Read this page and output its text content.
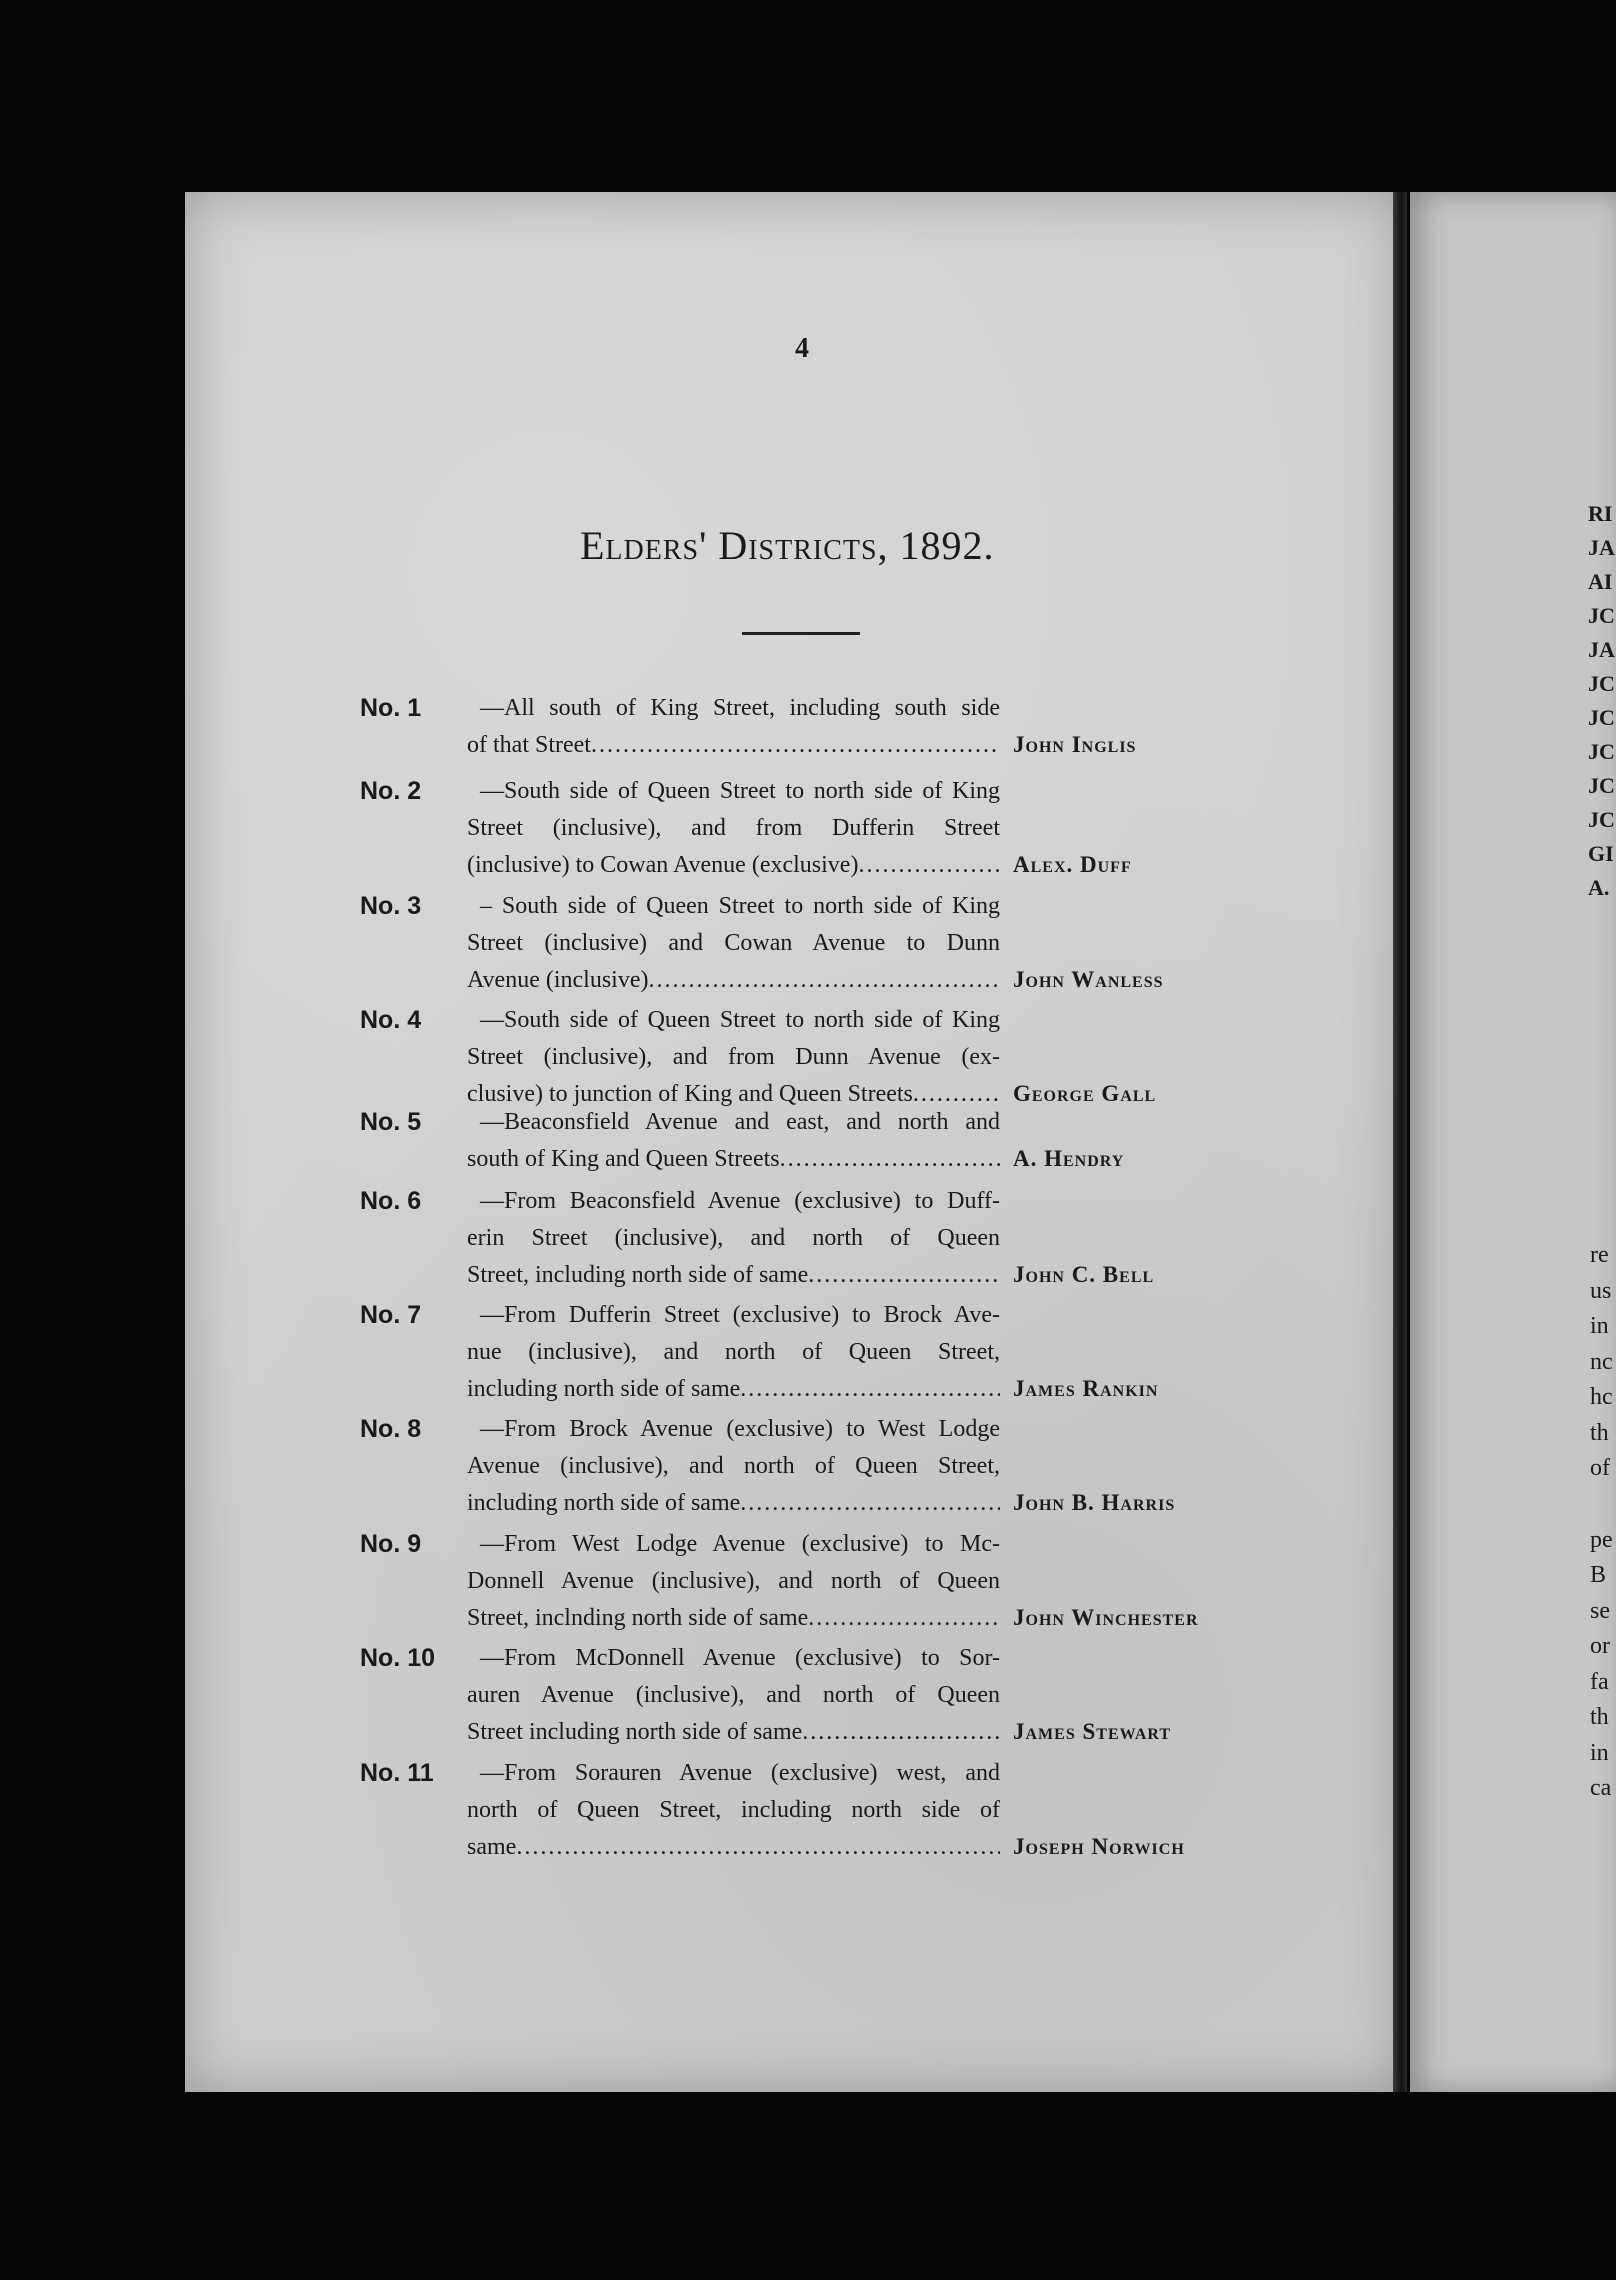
RI
JA
AI
JC
JA
JC
JC
JC
JC
JC
GI
A.
re
us
in
nc
hc
th
of
pe
B
se
or
fa
th
in
ca
4
Elders' Districts, 1892.
No. 1 —All south of King Street, including south side
of that Street .....	John Inglis
No. 2 —South side of Queen Street to north side of King
Street (inclusive), and from Dufferin Street
(inclusive) to Cowan Avenue (exclusive) .....	Alex. Duff
No. 3 – South side of Queen Street to north side of King
Street (inclusive) and Cowan Avenue to Dunn
Avenue (inclusive) .....	John Wanless
No. 4 —South side of Queen Street to north side of King
Street (inclusive), and from Dunn Avenue (ex-
clusive) to junction of King and Queen Streets .....	George Gall
No. 5 —Beaconsfield Avenue and east, and north and
south of King and Queen Streets .....	A. Hendry
No. 6 —From Beaconsfield Avenue (exclusive) to Duff-
erin Street (inclusive), and north of Queen
Street, including north side of same .....	John C. Bell
No. 7 —From Dufferin Street (exclusive) to Brock Ave-
nue (inclusive), and north of Queen Street,
including north side of same .....	James Rankin
No. 8 —From Brock Avenue (exclusive) to West Lodge
Avenue (inclusive), and north of Queen Street,
including north side of same .....	John B. Harris
No. 9 —From West Lodge Avenue (exclusive) to Mc-
Donnell Avenue (inclusive), and north of Queen
Street, inclnding north side of same .....	John Winchester
No. 10 —From McDonnell Avenue (exclusive) to Sor-
auren Avenue (inclusive), and north of Queen
Street including north side of same .....	James Stewart
No. 11 —From Sorauren Avenue (exclusive) west, and
north of Queen Street, including north side of
same .....	Joseph Norwich
